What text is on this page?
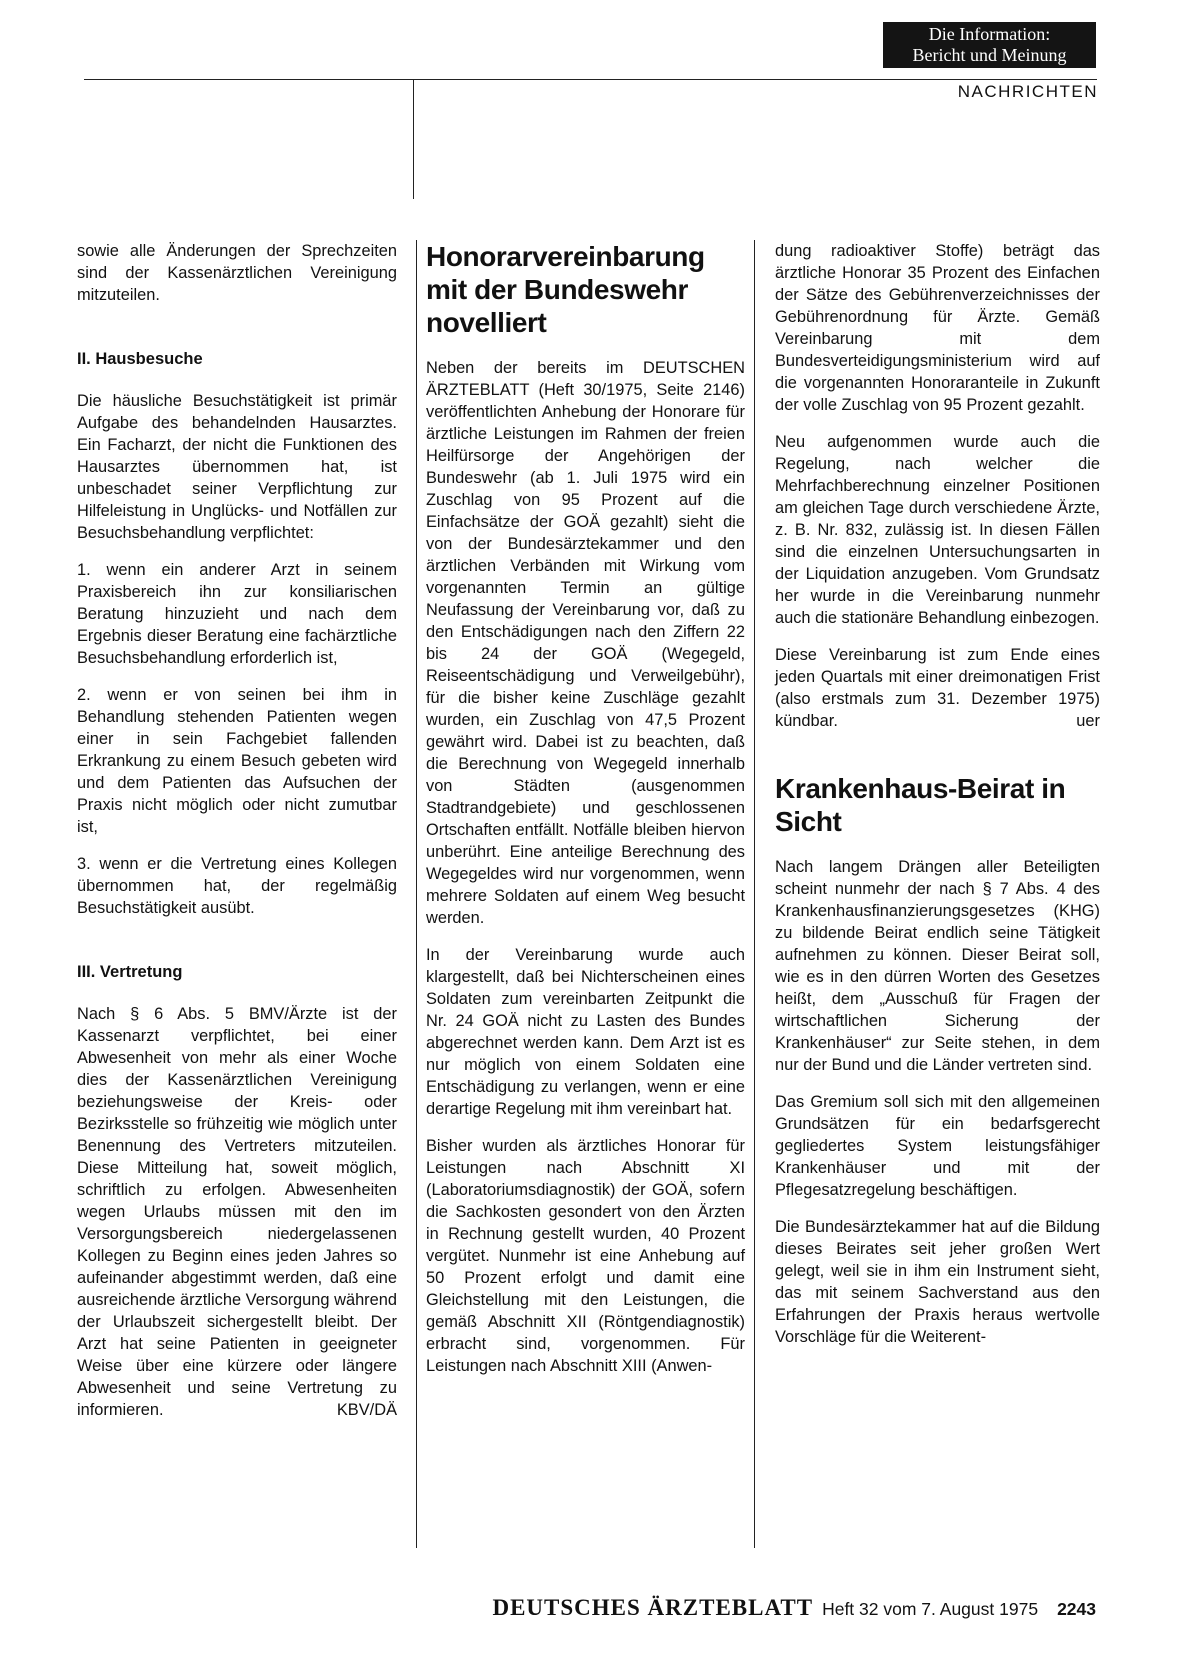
Die Information:
Bericht und Meinung
NACHRICHTEN

sowie alle Änderungen der Sprechzeiten sind der Kassenärztlichen Vereinigung mitzuteilen.

II. Hausbesuche

Die häusliche Besuchstätigkeit ist primär Aufgabe des behandelnden Hausarztes. Ein Facharzt, der nicht die Funktionen des Hausarztes übernommen hat, ist unbeschadet seiner Verpflichtung zur Hilfeleistung in Unglücks- und Notfällen zur Besuchsbehandlung verpflichtet:

1. wenn ein anderer Arzt in seinem Praxisbereich ihn zur konsiliarischen Beratung hinzuzieht und nach dem Ergebnis dieser Beratung eine fachärztliche Besuchsbehandlung erforderlich ist,

2. wenn er von seinen bei ihm in Behandlung stehenden Patienten wegen einer in sein Fachgebiet fallenden Erkrankung zu einem Besuch gebeten wird und dem Patienten das Aufsuchen der Praxis nicht möglich oder nicht zumutbar ist,

3. wenn er die Vertretung eines Kollegen übernommen hat, der regelmäßig Besuchstätigkeit ausübt.

III. Vertretung

Nach § 6 Abs. 5 BMV/Ärzte ist der Kassenarzt verpflichtet, bei einer Abwesenheit von mehr als einer Woche dies der Kassenärztlichen Vereinigung beziehungsweise der Kreis- oder Bezirksstelle so frühzeitig wie möglich unter Benennung des Vertreters mitzuteilen. Diese Mitteilung hat, soweit möglich, schriftlich zu erfolgen. Abwesenheiten wegen Urlaubs müssen mit den im Versorgungsbereich niedergelassenen Kollegen zu Beginn eines jeden Jahres so aufeinander abgestimmt werden, daß eine ausreichende ärztliche Versorgung während der Urlaubszeit sichergestellt bleibt. Der Arzt hat seine Patienten in geeigneter Weise über eine kürzere oder längere Abwesenheit und seine Vertretung zu informieren.	KBV/DÄ

Honorarvereinbarung mit der Bundeswehr novelliert

Neben der bereits im DEUTSCHEN ÄRZTEBLATT (Heft 30/1975, Seite 2146) veröffentlichten Anhebung der Honorare für ärztliche Leistungen im Rahmen der freien Heilfürsorge der Angehörigen der Bundeswehr (ab 1. Juli 1975 wird ein Zuschlag von 95 Prozent auf die Einfachsätze der GOÄ gezahlt) sieht die von der Bundesärztekammer und den ärztlichen Verbänden mit Wirkung vom vorgenannten Termin an gültige Neufassung der Vereinbarung vor, daß zu den Entschädigungen nach den Ziffern 22 bis 24 der GOÄ (Wegegeld, Reiseentschädigung und Verweilgebühr), für die bisher keine Zuschläge gezahlt wurden, ein Zuschlag von 47,5 Prozent gewährt wird. Dabei ist zu beachten, daß die Berechnung von Wegegeld innerhalb von Städten (ausgenommen Stadtrandgebiete) und geschlossenen Ortschaften entfällt. Notfälle bleiben hiervon unberührt. Eine anteilige Berechnung des Wegegeldes wird nur vorgenommen, wenn mehrere Soldaten auf einem Weg besucht werden.

In der Vereinbarung wurde auch klargestellt, daß bei Nichterscheinen eines Soldaten zum vereinbarten Zeitpunkt die Nr. 24 GOÄ nicht zu Lasten des Bundes abgerechnet werden kann. Dem Arzt ist es nur möglich von einem Soldaten eine Entschädigung zu verlangen, wenn er eine derartige Regelung mit ihm vereinbart hat.

Bisher wurden als ärztliches Honorar für Leistungen nach Abschnitt XI (Laboratoriumsdiagnostik) der GOÄ, sofern die Sachkosten gesondert von den Ärzten in Rechnung gestellt wurden, 40 Prozent vergütet. Nunmehr ist eine Anhebung auf 50 Prozent erfolgt und damit eine Gleichstellung mit den Leistungen, die gemäß Abschnitt XII (Röntgendiagnostik) erbracht sind, vorgenommen. Für Leistungen nach Abschnitt XIII (Anwen-

dung radioaktiver Stoffe) beträgt das ärztliche Honorar 35 Prozent des Einfachen der Sätze des Gebührenverzeichnisses der Gebührenordnung für Ärzte. Gemäß Vereinbarung mit dem Bundesverteidigungsministerium wird auf die vorgenannten Honoraranteile in Zukunft der volle Zuschlag von 95 Prozent gezahlt.

Neu aufgenommen wurde auch die Regelung, nach welcher die Mehrfachberechnung einzelner Positionen am gleichen Tage durch verschiedene Ärzte, z. B. Nr. 832, zulässig ist. In diesen Fällen sind die einzelnen Untersuchungsarten in der Liquidation anzugeben. Vom Grundsatz her wurde in die Vereinbarung nunmehr auch die stationäre Behandlung einbezogen.

Diese Vereinbarung ist zum Ende eines jeden Quartals mit einer dreimonatigen Frist (also erstmals zum 31. Dezember 1975) kündbar.	uer

Krankenhaus-Beirat in Sicht

Nach langem Drängen aller Beteiligten scheint nunmehr der nach § 7 Abs. 4 des Krankenhausfinanzierungsgesetzes (KHG) zu bildende Beirat endlich seine Tätigkeit aufnehmen zu können. Dieser Beirat soll, wie es in den dürren Worten des Gesetzes heißt, dem „Ausschuß für Fragen der wirtschaftlichen Sicherung der Krankenhäuser“ zur Seite stehen, in dem nur der Bund und die Länder vertreten sind.

Das Gremium soll sich mit den allgemeinen Grundsätzen für ein bedarfsgerecht gegliedertes System leistungsfähiger Krankenhäuser und mit der Pflegesatzregelung beschäftigen.

Die Bundesärztekammer hat auf die Bildung dieses Beirates seit jeher großen Wert gelegt, weil sie in ihm ein Instrument sieht, das mit seinem Sachverstand aus den Erfahrungen der Praxis heraus wertvolle Vorschläge für die Weiterent-

DEUTSCHES ÄRZTEBLATT Heft 32 vom 7. August 1975 2243
